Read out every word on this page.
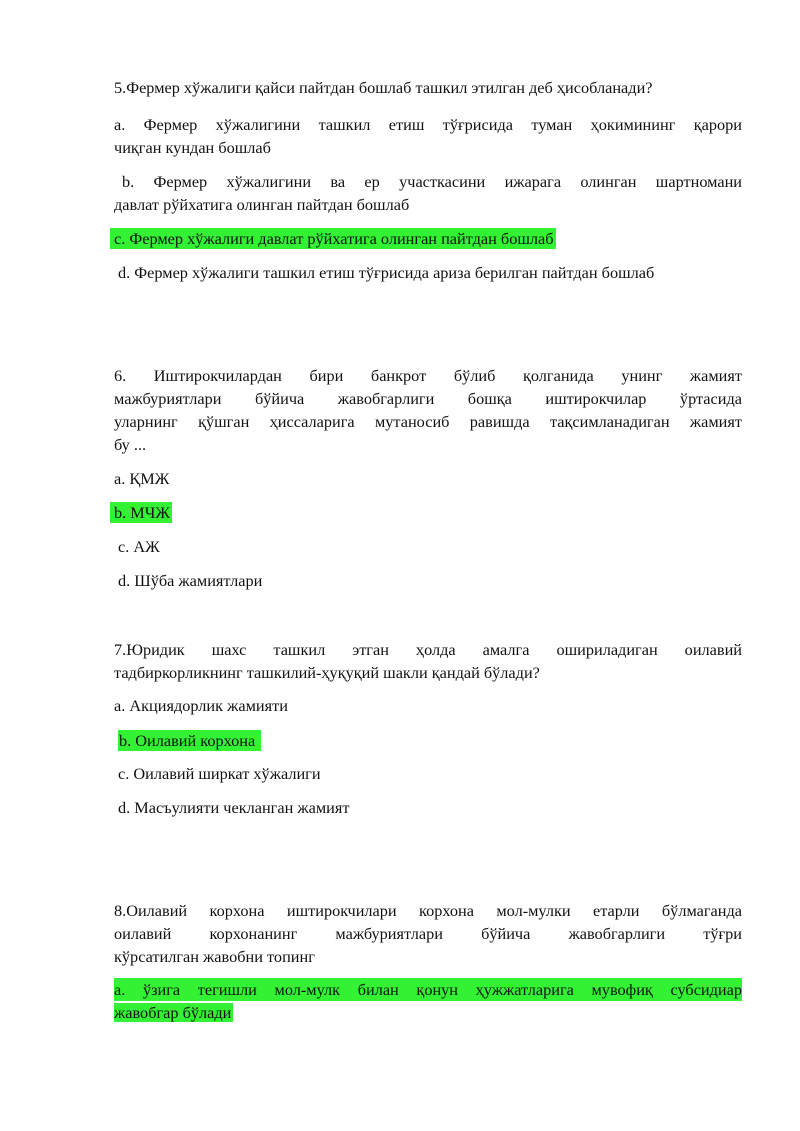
5.Фермер хўжалиги қайси пайтдан бошлаб ташкил этилган деб ҳисобланади?
a. Фермер хўжалигини ташкил етиш тўғрисида туман ҳокимининг қарори
чиқган кундан бошлаб
b. Фермер хўжалигини ва ер участкасини ижарага олинган шартномани
давлат рўйхатига олинган пайтдан бошлаб
c. Фермер хўжалиги давлат рўйхатига олинган пайтдан бошлаб
d. Фермер хўжалиги ташкил етиш тўғрисида ариза берилган пайтдан бошлаб
6. Иштирокчилардан бири банкрот бўлиб қолганида унинг жамият
мажбуриятлари бўйича жавобгарлиги бошқа иштирокчилар ўртасида
уларнинг қўшган ҳиссаларига мутаносиб равишда тақсимланадиган жамият
бу ...
a. ҚМЖ
b. МЧЖ
c. АЖ
d. Шўба жамиятлари
7.Юридик шахс ташкил этган ҳолда амалга ошириладиган оилавий
тадбиркорликнинг ташкилий-ҳуқуқий шакли қандай бўлади?
a. Акциядорлик жамияти
b. Оилавий корхона
c. Оилавий ширкат хўжалиги
d. Масъулияти чекланган жамият
8.Оилавий корхона иштирокчилари корхона мол-мулки етарли бўлмаганда
оилавий корхонанинг мажбуриятлари бўйича жавобгарлиги тўғри
кўрсатилган жавобни топинг
a. ўзига тегишли мол-мулк билан қонун ҳужжатларига мувофиқ субсидиар
жавобгар бўлади
